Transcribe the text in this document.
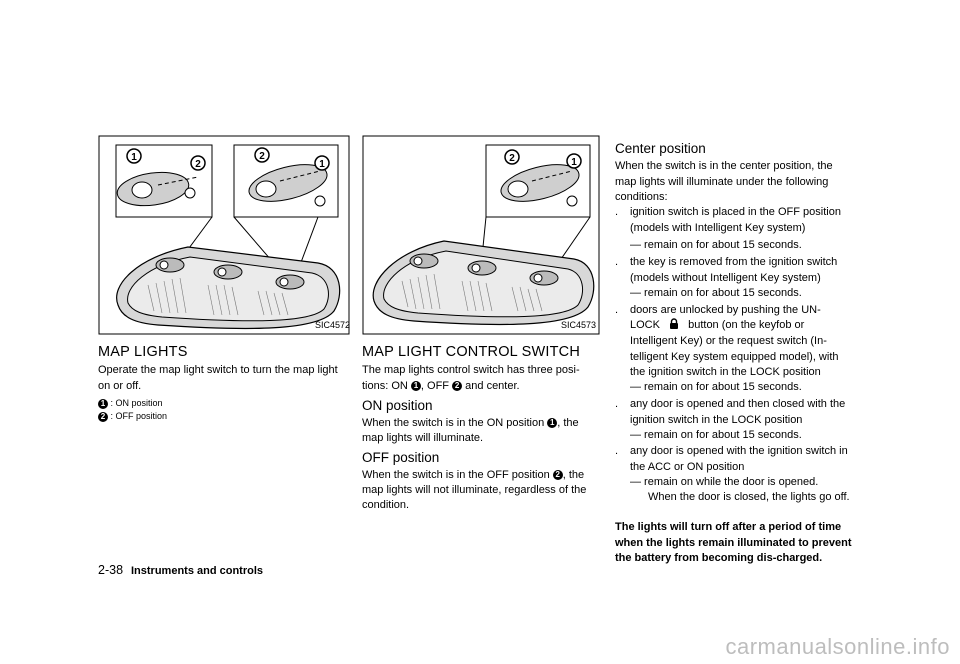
1
2
2
1
SIC4572
2	1
SIC4573
MAP LIGHTS

Operate the map light switch to turn the map light on or off.

1 : ON position
2 : OFF position
MAP LIGHT CONTROL SWITCH

The map lights control switch has three posi-

tions: ON 1 , OFF 2 and center.

ON position

When the switch is in the ON position 1 , the

map lights will illuminate.

OFF position

When the switch is in the OFF position 2 , the

map lights will not illuminate, regardless of the

condition.

Center position

When the switch is in the center position, the map lights will illuminate under the following conditions:

. ignition switch is placed in the OFF position (models with Intelligent Key system)
— remain on for about 15 seconds.
. the key is removed from the ignition switch (models without Intelligent Key system)
— remain on for about 15 seconds.
. doors are unlocked by pushing the UN-
LOCK	button (on the keyfob or
Intelligent Key) or the request switch (In-telligent Key system equipped model), with the ignition switch in the LOCK position
— remain on for about 15 seconds.
. any door is opened and then closed with the ignition switch in the LOCK position
— remain on for about 15 seconds.
. any door is opened with the ignition switch in the ACC or ON position
— remain on while the door is opened.
When the door is closed, the lights go off.
The lights will turn off after a period of time when the lights remain illuminated to prevent the battery from becoming dis-charged.
2-38 Instruments and controls
carmanualsonline.info
